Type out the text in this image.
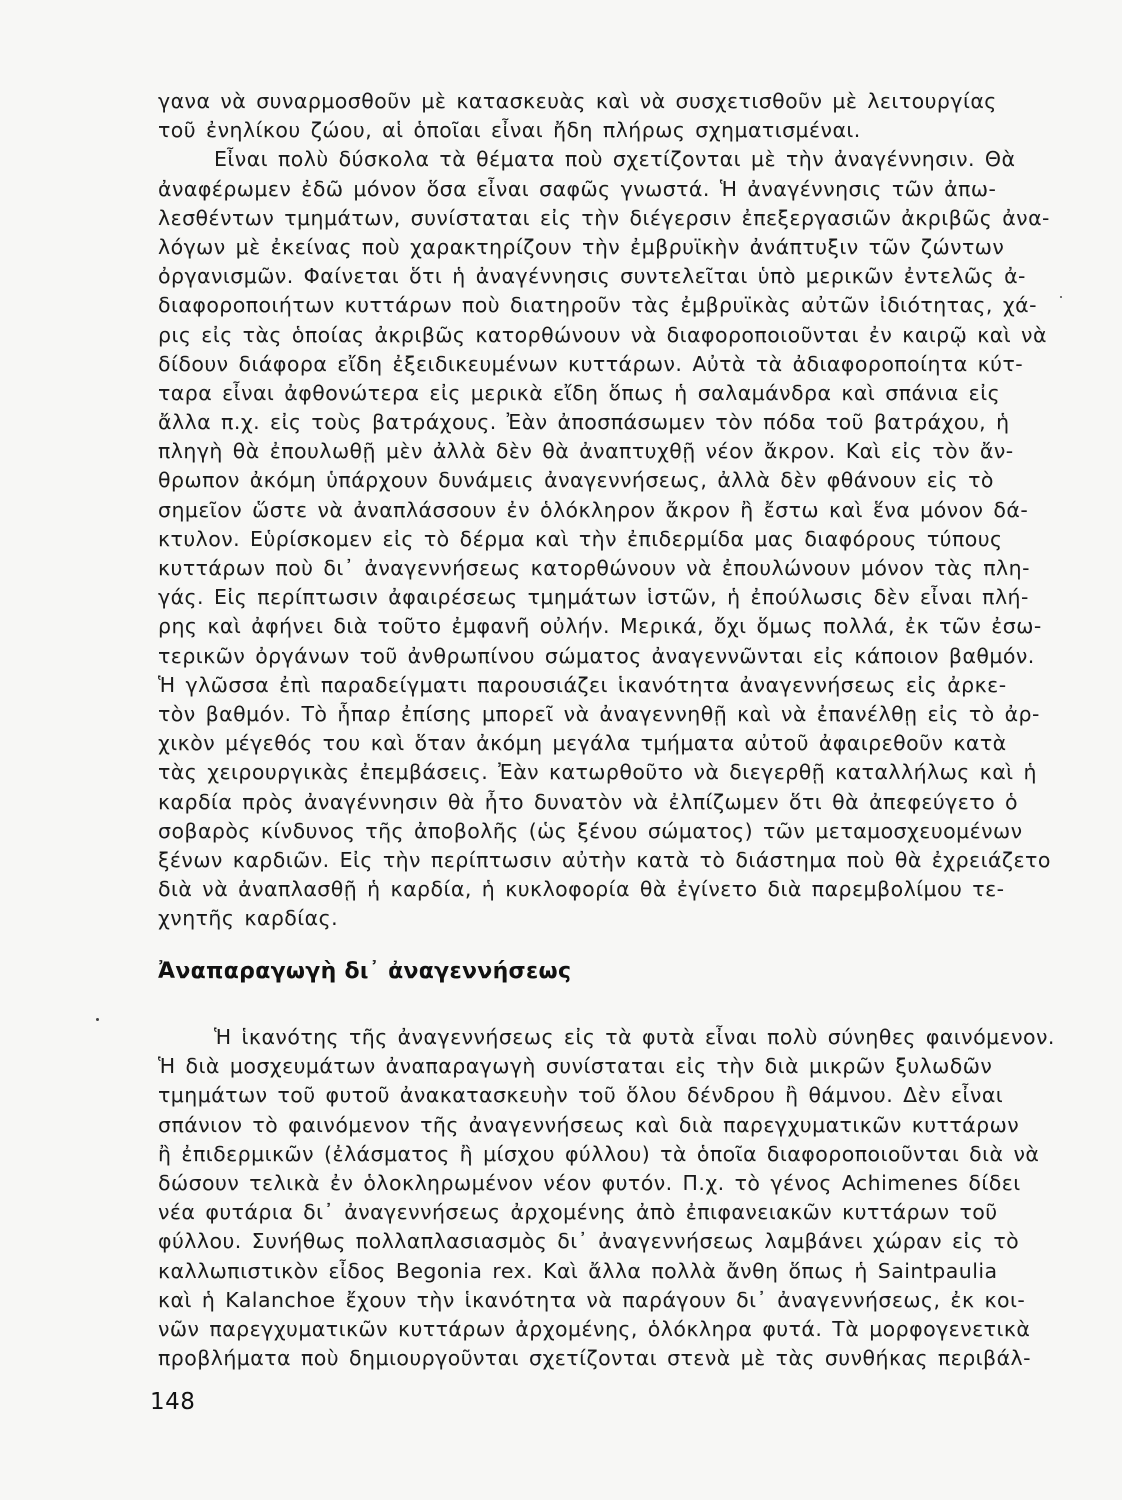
γανα νὰ συναρμοσθοῦν μὲ κατασκευὰς καὶ νὰ συσχετισθοῦν μὲ λειτουργίας
τοῦ ἐνηλίκου ζώου, αἱ ὁποῖαι εἶναι ἤδη πλήρως σχηματισμέναι.
Εἶναι πολὺ δύσκολα τὰ θέματα ποὺ σχετίζονται μὲ τὴν ἀναγέννησιν. Θὰ
ἀναφέρωμεν ἐδῶ μόνον ὅσα εἶναι σαφῶς γνωστά. Ἡ ἀναγέννησις τῶν ἀπω-
λεσθέντων τμημάτων, συνίσταται εἰς τὴν διέγερσιν ἐπεξεργασιῶν ἀκριβῶς ἀνα-
λόγων μὲ ἐκείνας ποὺ χαρακτηρίζουν τὴν ἐμβρυϊκὴν ἀνάπτυξιν τῶν ζώντων
ὀργανισμῶν. Φαίνεται ὅτι ἡ ἀναγέννησις συντελεῖται ὑπὸ μερικῶν ἐντελῶς ἀ-
διαφοροποιήτων κυττάρων ποὺ διατηροῦν τὰς ἐμβρυϊκὰς αὐτῶν ἰδιότητας, χά-
ρις εἰς τὰς ὁποίας ἀκριβῶς κατορθώνουν νὰ διαφοροποιοῦνται ἐν καιρῷ καὶ νὰ
δίδουν διάφορα εἴδη ἐξειδικευμένων κυττάρων. Αὐτὰ τὰ ἀδιαφοροποίητα κύτ-
ταρα εἶναι ἀφθονώτερα εἰς μερικὰ εἴδη ὅπως ἡ σαλαμάνδρα καὶ σπάνια εἰς
ἄλλα π.χ. εἰς τοὺς βατράχους. Ἐὰν ἀποσπάσωμεν τὸν πόδα τοῦ βατράχου, ἡ
πληγὴ θὰ ἐπουλωθῇ μὲν ἀλλὰ δὲν θὰ ἀναπτυχθῇ νέον ἄκρον. Καὶ εἰς τὸν ἄν-
θρωπον ἀκόμη ὑπάρχουν δυνάμεις ἀναγεννήσεως, ἀλλὰ δὲν φθάνουν εἰς τὸ
σημεῖον ὥστε νὰ ἀναπλάσσουν ἐν ὁλόκληρον ἄκρον ἢ ἔστω καὶ ἕνα μόνον δά-
κτυλον. Εὑρίσκομεν εἰς τὸ δέρμα καὶ τὴν ἐπιδερμίδα μας διαφόρους τύπους
κυττάρων ποὺ δι᾽ ἀναγεννήσεως κατορθώνουν νὰ ἐπουλώνουν μόνον τὰς πλη-
γάς. Εἰς περίπτωσιν ἀφαιρέσεως τμημάτων ἱστῶν, ἡ ἐπούλωσις δὲν εἶναι πλή-
ρης καὶ ἀφήνει διὰ τοῦτο ἐμφανῆ οὐλήν. Μερικά, ὄχι ὅμως πολλά, ἐκ τῶν ἐσω-
τερικῶν ὀργάνων τοῦ ἀνθρωπίνου σώματος ἀναγεννῶνται εἰς κάποιον βαθμόν.
Ἡ γλῶσσα ἐπὶ παραδείγματι παρουσιάζει ἱκανότητα ἀναγεννήσεως εἰς ἀρκε-
τὸν βαθμόν. Τὸ ἧπαρ ἐπίσης μπορεῖ νὰ ἀναγεννηθῇ καὶ νὰ ἐπανέλθῃ εἰς τὸ ἀρ-
χικὸν μέγεθός του καὶ ὅταν ἀκόμη μεγάλα τμήματα αὐτοῦ ἀφαιρεθοῦν κατὰ
τὰς χειρουργικὰς ἐπεμβάσεις. Ἐὰν κατωρθοῦτο νὰ διεγερθῇ καταλλήλως καὶ ἡ
καρδία πρὸς ἀναγέννησιν θὰ ἦτο δυνατὸν νὰ ἐλπίζωμεν ὅτι θὰ ἀπεφεύγετο ὁ
σοβαρὸς κίνδυνος τῆς ἀποβολῆς (ὡς ξένου σώματος) τῶν μεταμοσχευομένων
ξένων καρδιῶν. Εἰς τὴν περίπτωσιν αὐτὴν κατὰ τὸ διάστημα ποὺ θὰ ἐχρειάζετο
διὰ νὰ ἀναπλασθῇ ἡ καρδία, ἡ κυκλοφορία θὰ ἐγίνετο διὰ παρεμβολίμου τε-
χνητῆς καρδίας.
Ἀναπαραγωγὴ δι᾽ ἀναγεννήσεως
Ἡ ἱκανότης τῆς ἀναγεννήσεως εἰς τὰ φυτὰ εἶναι πολὺ σύνηθες φαινόμενον.
Ἡ διὰ μοσχευμάτων ἀναπαραγωγὴ συνίσταται εἰς τὴν διὰ μικρῶν ξυλωδῶν
τμημάτων τοῦ φυτοῦ ἀνακατασκευὴν τοῦ ὅλου δένδρου ἢ θάμνου. Δὲν εἶναι
σπάνιον τὸ φαινόμενον τῆς ἀναγεννήσεως καὶ διὰ παρεγχυματικῶν κυττάρων
ἢ ἐπιδερμικῶν (ἐλάσματος ἢ μίσχου φύλλου) τὰ ὁποῖα διαφοροποιοῦνται διὰ νὰ
δώσουν τελικὰ ἐν ὁλοκληρωμένον νέον φυτόν. Π.χ. τὸ γένος Achimenes δίδει
νέα φυτάρια δι᾽ ἀναγεννήσεως ἀρχομένης ἀπὸ ἐπιφανειακῶν κυττάρων τοῦ
φύλλου. Συνήθως πολλαπλασιασμὸς δι᾽ ἀναγεννήσεως λαμβάνει χώραν εἰς τὸ
καλλωπιστικὸν εἶδος Begonia rex. Καὶ ἄλλα πολλὰ ἄνθη ὅπως ἡ Saintpaulia
καὶ ἡ Kalanchoe ἔχουν τὴν ἱκανότητα νὰ παράγουν δι᾽ ἀναγεννήσεως, ἐκ κοι-
νῶν παρεγχυματικῶν κυττάρων ἀρχομένης, ὁλόκληρα φυτά. Τὰ μορφογενετικὰ
προβλήματα ποὺ δημιουργοῦνται σχετίζονται στενὰ μὲ τὰς συνθήκας περιβάλ-
148
